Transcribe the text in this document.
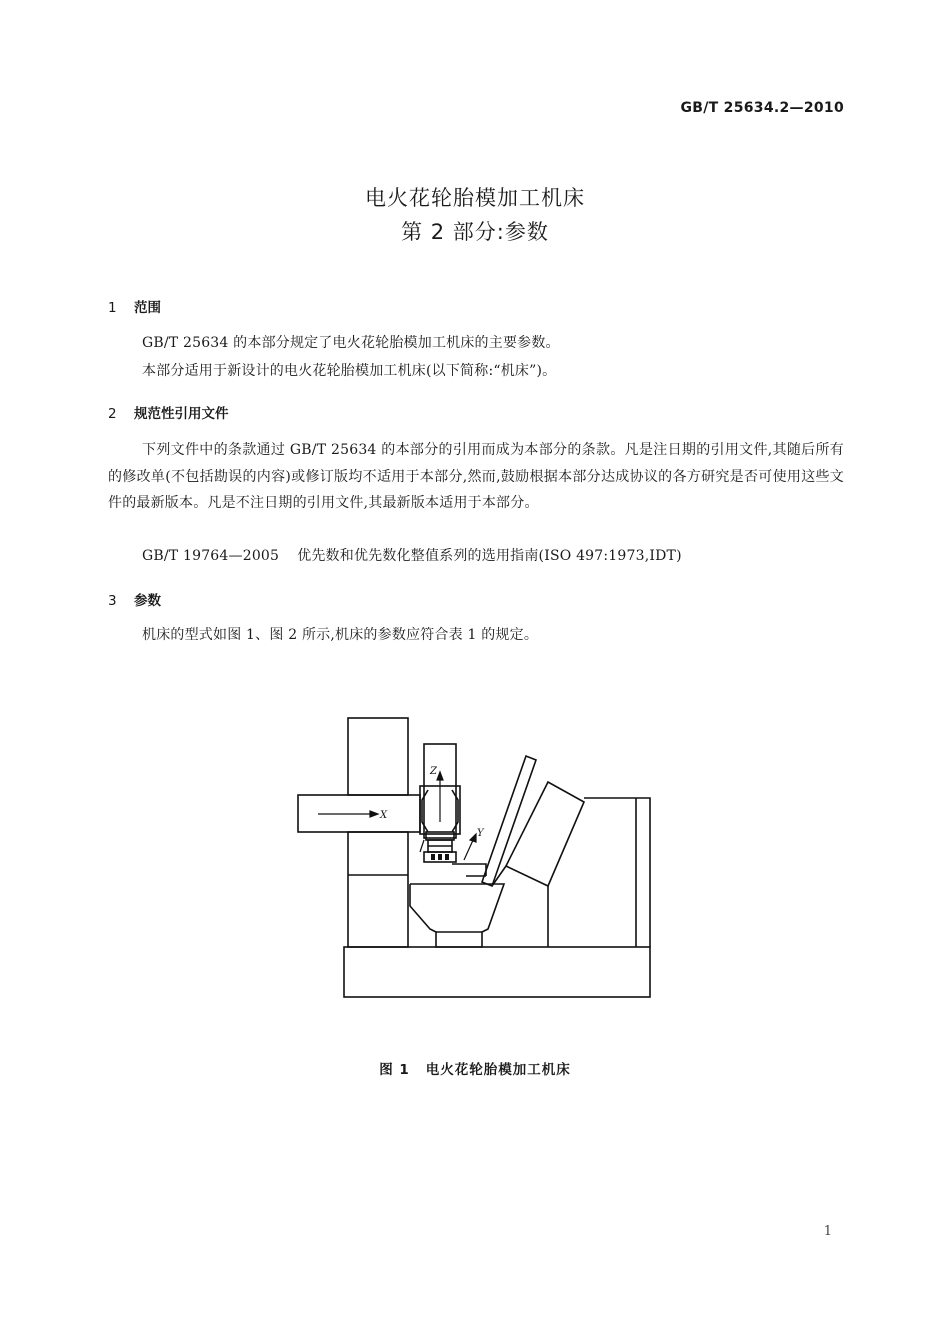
GB/T 25634.2—2010
电火花轮胎模加工机床
第 2 部分:参数
1 范围
GB/T 25634 的本部分规定了电火花轮胎模加工机床的主要参数。
本部分适用于新设计的电火花轮胎模加工机床(以下简称:“机床”)。
2 规范性引用文件
下列文件中的条款通过 GB/T 25634 的本部分的引用而成为本部分的条款。凡是注日期的引用文件,其随后所有的修改单(不包括勘误的内容)或修订版均不适用于本部分,然而,鼓励根据本部分达成协议的各方研究是否可使用这些文件的最新版本。凡是不注日期的引用文件,其最新版本适用于本部分。
GB/T 19764—2005 优先数和优先数化整值系列的选用指南(ISO 497:1973,IDT)
3 参数
机床的型式如图 1、图 2 所示,机床的参数应符合表 1 的规定。
X
Z
Y
图 1 电火花轮胎模加工机床
1
